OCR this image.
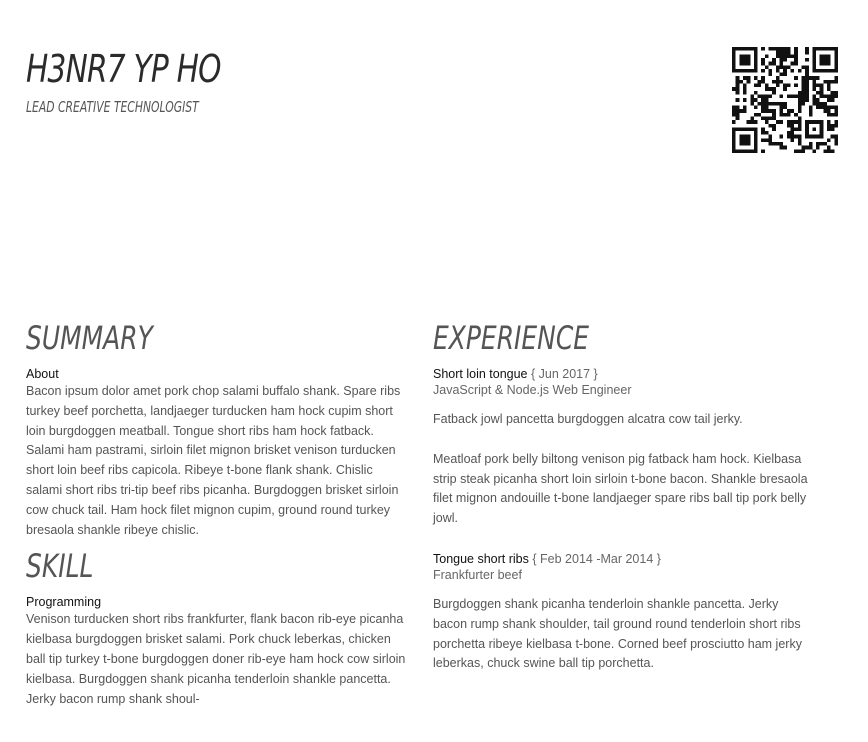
H3NR7 YP HO
LEAD CREATIVE TECHNOLOGIST
SUMMARY
About

Bacon ipsum dolor amet pork chop salami buffalo shank. Spare ribs turkey beef porchetta, landjaeger turducken ham hock cupim short loin burgdoggen meatball. Tongue short ribs ham hock fatback. Salami ham pastrami, sirloin filet mignon brisket venison turducken short loin beef ribs capicola. Ribeye t-bone flank shank. Chislic salami short ribs tri-tip beef ribs picanha. Burgdoggen brisket sirloin cow chuck tail. Ham hock filet mignon cupim, ground round turkey bresaola shankle ribeye chislic.

SKILL
Programming

Venison turducken short ribs frankfurter, flank bacon rib-eye picanha kielbasa burgdoggen brisket salami. Pork chuck leberkas, chicken ball tip turkey t-bone burgdoggen doner rib-eye ham hock cow sirloin kielbasa. Burgdoggen shank picanha tenderloin shankle pancetta. Jerky bacon rump shank shoul-

EXPERIENCE
Short loin tongue { Jun 2017 }
JavaScript & Node.js Web Engineer

Fatback jowl pancetta burgdoggen alcatra cow tail jerky.

Meatloaf pork belly biltong venison pig fatback ham hock. Kielbasa strip steak picanha short loin sirloin t-bone bacon. Shankle bresaola filet mignon andouille t-bone landjaeger spare ribs ball tip pork belly jowl.

Tongue short ribs { Feb 2014 -Mar 2014 }
Frankfurter beef

Burgdoggen shank picanha tenderloin shankle pancetta. Jerky bacon rump shank shoulder, tail ground round tenderloin short ribs porchetta ribeye kielbasa t-bone. Corned beef prosciutto ham jerky leberkas, chuck swine ball tip porchetta.
